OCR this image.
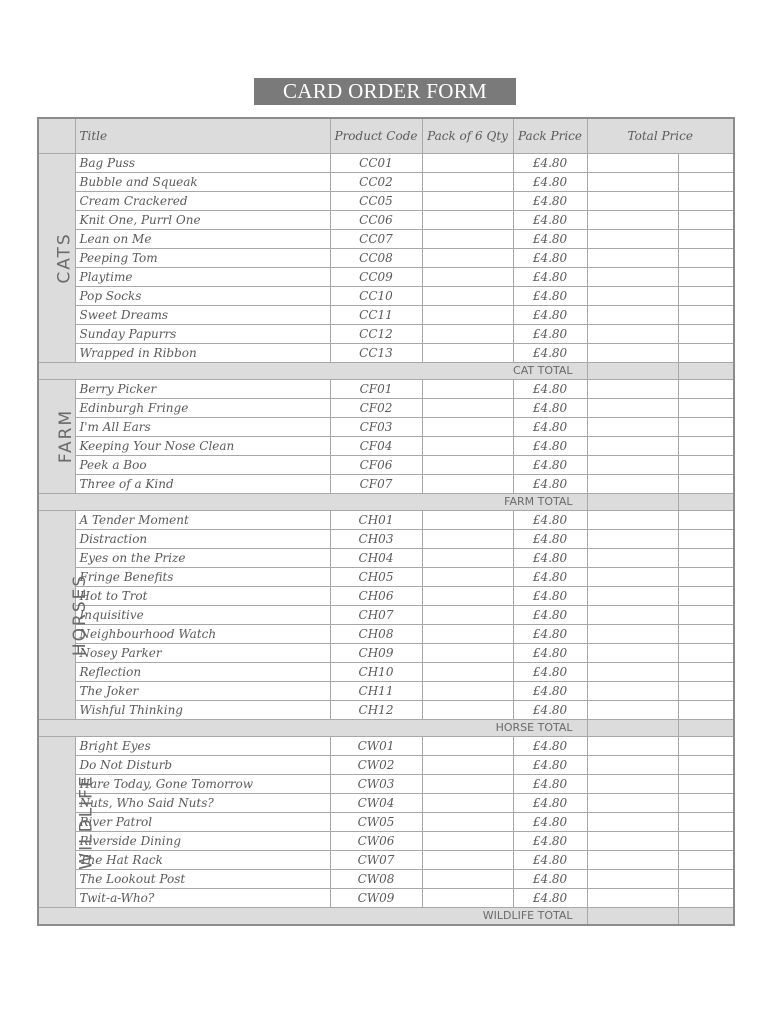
CARD ORDER FORM
	Title	Product Code	Pack of 6 Qty	Pack Price	Total Price	
CATS	Bag Puss	CC01		£4.80		
	Bubble and Squeak	CC02		£4.80		
	Cream Crackered	CC05		£4.80		
	Knit One, Purrl One	CC06		£4.80		
	Lean on Me	CC07		£4.80		
	Peeping Tom	CC08		£4.80		
	Playtime	CC09		£4.80		
	Pop Socks	CC10		£4.80		
	Sweet Dreams	CC11		£4.80		
	Sunday Papurrs	CC12		£4.80		
	Wrapped in Ribbon	CC13		£4.80		
CAT TOTAL						
FARM	Berry Picker	CF01		£4.80		
	Edinburgh Fringe	CF02		£4.80		
	I'm All Ears	CF03		£4.80		
	Keeping Your Nose Clean	CF04		£4.80		
	Peek a Boo	CF06		£4.80		
	Three of a Kind	CF07		£4.80		
FARM TOTAL						
HORSES	A Tender Moment	CH01		£4.80		
	Distraction	CH03		£4.80		
	Eyes on the Prize	CH04		£4.80		
	Fringe Benefits	CH05		£4.80		
	Hot to Trot	CH06		£4.80		
	Inquisitive	CH07		£4.80		
	Neighbourhood Watch	CH08		£4.80		
	Nosey Parker	CH09		£4.80		
	Reflection	CH10		£4.80		
	The Joker	CH11		£4.80		
	Wishful Thinking	CH12		£4.80		
HORSE TOTAL						
WILDLIFE	Bright Eyes	CW01		£4.80		
	Do Not Disturb	CW02		£4.80		
	Hare Today, Gone Tomorrow	CW03		£4.80		
	Nuts, Who Said Nuts?	CW04		£4.80		
	River Patrol	CW05		£4.80		
	Riverside Dining	CW06		£4.80		
	The Hat Rack	CW07		£4.80		
	The Lookout Post	CW08		£4.80		
	Twit-a-Who?	CW09		£4.80		
WILDLIFE TOTAL						
